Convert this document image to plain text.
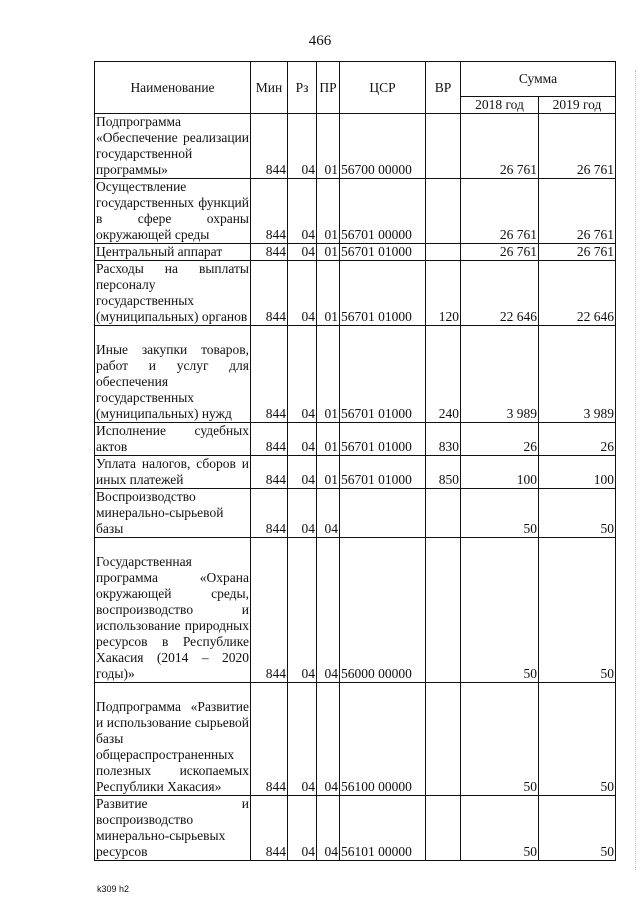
466
Наименование	Мин	Рз	ПР	ЦСР	ВР	Сумма	
						2018 год	2019 год
Подпрограмма «Обеспечение реализации государственной программы»	844	04	01	56700 00000		26 761	26 761
Осуществление государственных функций в сфере охраны окружающей среды	844	04	01	56701 00000		26 761	26 761
Центральный аппарат	844	04	01	56701 01000		26 761	26 761
Расходы на выплаты персоналу государственных (муниципальных) органов	844	04	01	56701 01000	120	22 646	22 646
Иные закупки товаров, работ и услуг для обеспечения государственных (муниципальных) нужд	844	04	01	56701 01000	240	3 989	3 989
Исполнение судебных актов	844	04	01	56701 01000	830	26	26
Уплата налогов, сборов и иных платежей	844	04	01	56701 01000	850	100	100
Воспроизводство минерально-сырьевой базы	844	04	04			50	50
Государственная программа «Охрана окружающей среды, воспроизводство и использование природных ресурсов в Республике Хакасия (2014 – 2020 годы)»	844	04	04	56000 00000		50	50
Подпрограмма «Развитие и использование сырьевой базы общераспространенных полезных ископаемых Республики Хакасия»	844	04	04	56100 00000		50	50
Развитие и воспроизводство минерально-сырьевых ресурсов	844	04	04	56101 00000		50	50
k309 h2
